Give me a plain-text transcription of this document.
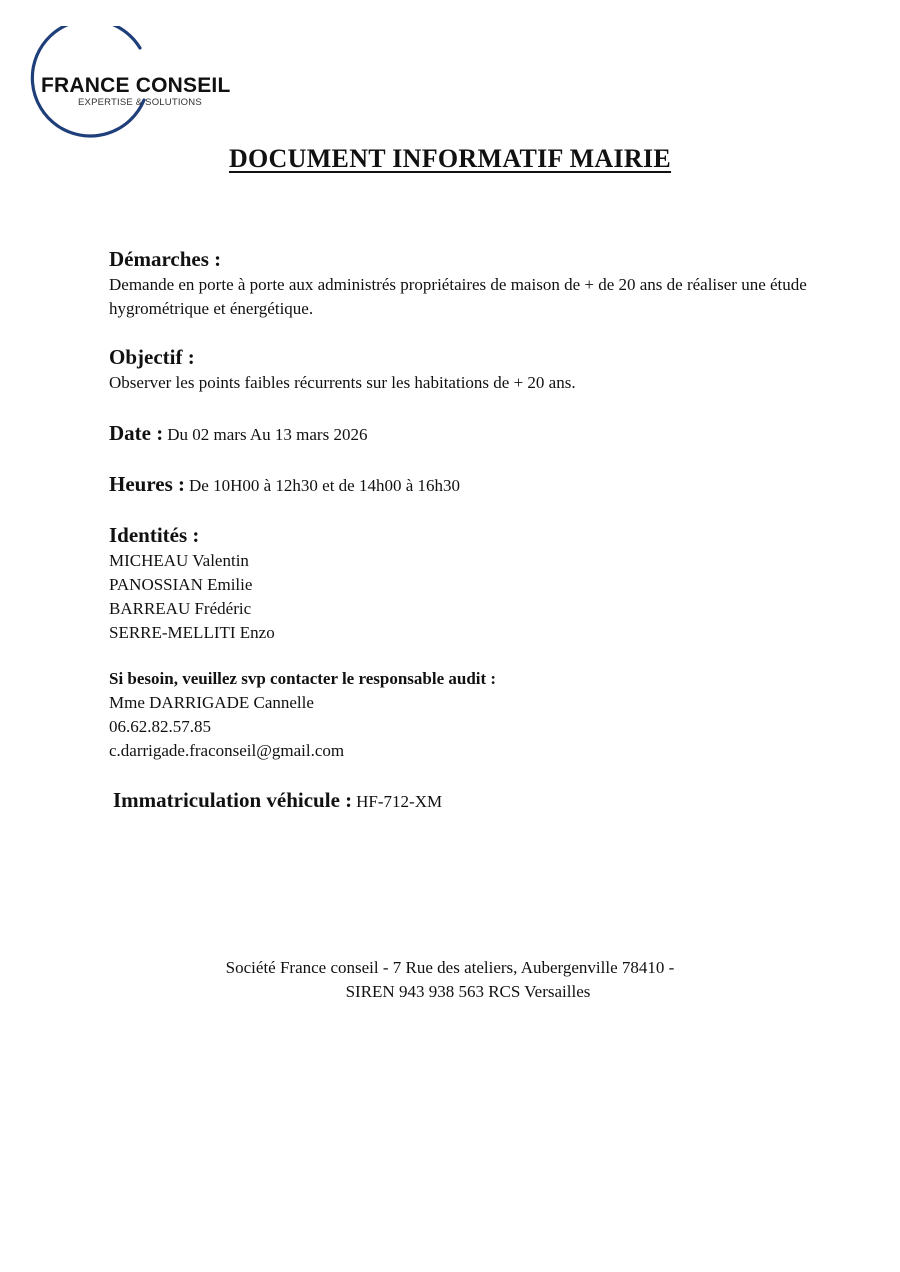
FRANCE CONSEIL
EXPERTISE & SOLUTIONS
DOCUMENT INFORMATIF MAIRIE
Démarches :
Demande en porte à porte aux administrés propriétaires de maison de + de 20 ans de réaliser une étude hygrométrique et énergétique.
Objectif :
Observer les points faibles récurrents sur les habitations de + 20 ans.
Date : Du 02 mars Au 13 mars 2026
Heures : De 10H00 à 12h30 et de 14h00 à 16h30
Identités :
MICHEAU Valentin
PANOSSIAN Emilie
BARREAU Frédéric
SERRE-MELLITI Enzo
Si besoin, veuillez svp contacter le responsable audit :
Mme DARRIGADE Cannelle
06.62.82.57.85
c.darrigade.fraconseil@gmail.com
Immatriculation véhicule : HF-712-XM
Société France conseil - 7 Rue des ateliers, Aubergenville 78410 -
SIREN 943 938 563 RCS Versailles
